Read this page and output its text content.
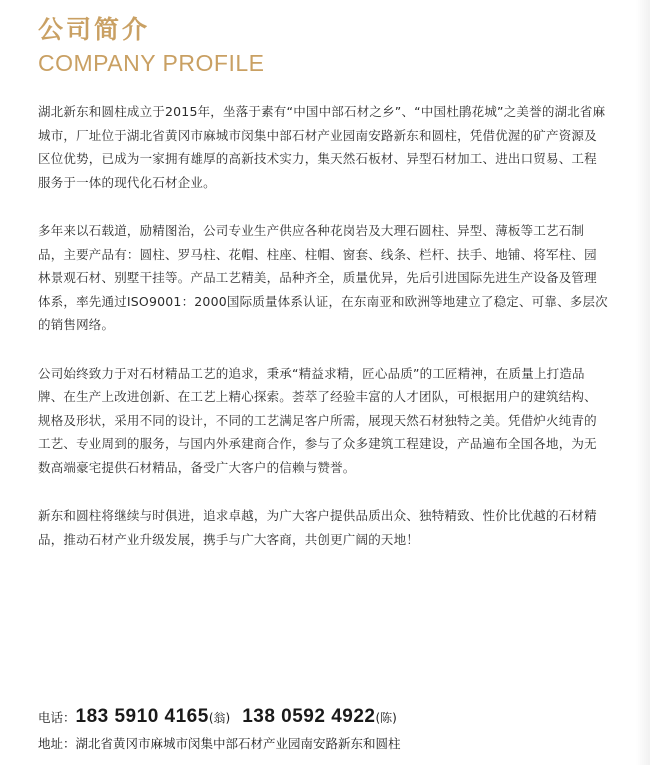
公司简介
COMPANY PROFILE

湖北新东和圆柱成立于2015年，坐落于素有“中国中部石材之乡”、“中国杜鹃花城”之美誉的湖北省麻城市，厂址位于湖北省黄冈市麻城市闵集中部石材产业园南安路新东和圆柱，凭借优渥的矿产资源及区位优势，已成为一家拥有雄厚的高新技术实力，集天然石板材、异型石材加工、进出口贸易、工程服务于一体的现代化石材企业。

多年来以石载道，励精图治，公司专业生产供应各种花岗岩及大理石圆柱、异型、薄板等工艺石制品，主要产品有：圆柱、罗马柱、花帽、柱座、柱帽、窗套、线条、栏杆、扶手、地铺、将军柱、园林景观石材、别墅干挂等。产品工艺精美，品种齐全，质量优异，先后引进国际先进生产设备及管理体系，率先通过ISO9001：2000国际质量体系认证，在东南亚和欧洲等地建立了稳定、可靠、多层次的销售网络。

公司始终致力于对石材精品工艺的追求，秉承“精益求精，匠心品质”的工匠精神，在质量上打造品牌、在生产上改进创新、在工艺上精心探索。荟萃了经验丰富的人才团队，可根据用户的建筑结构、规格及形状，采用不同的设计，不同的工艺满足客户所需，展现天然石材独特之美。凭借炉火纯青的工艺、专业周到的服务，与国内外承建商合作，参与了众多建筑工程建设，产品遍布全国各地，为无数高端豪宅提供石材精品，备受广大客户的信赖与赞誉。

新东和圆柱将继续与时俱进，追求卓越，为广大客户提供品质出众、独特精致、性价比优越的石材精品，推动石材产业升级发展，携手与广大客商，共创更广阔的天地！

电话：183 5910 4165(翁) 138 0592 4922(陈)
地址：湖北省黄冈市麻城市闵集中部石材产业园南安路新东和圆柱
